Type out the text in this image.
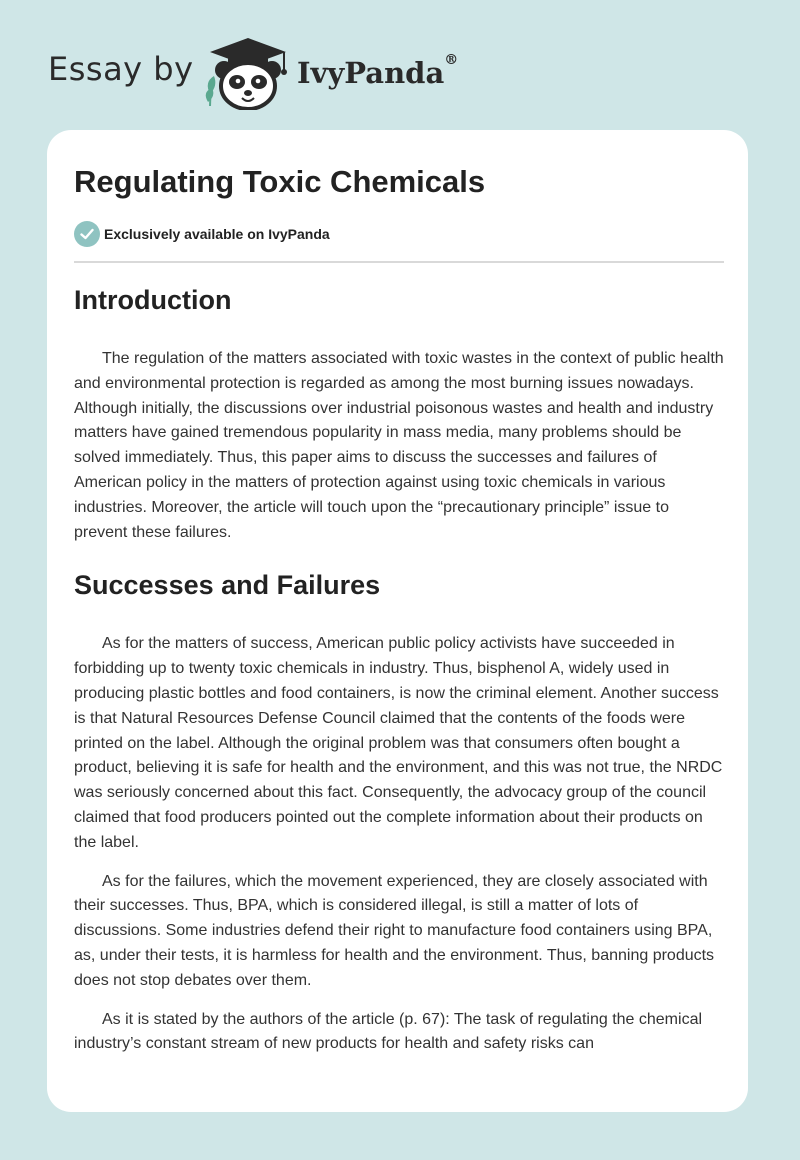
Essay by	IvyPanda®
Regulating Toxic Chemicals
Exclusively available on IvyPanda
Introduction

The regulation of the matters associated with toxic wastes in the context of public health and environmental protection is regarded as among the most burning issues nowadays. Although initially, the discussions over industrial poisonous wastes and health and industry matters have gained tremendous popularity in mass media, many problems should be solved immediately. Thus, this paper aims to discuss the successes and failures of American policy in the matters of protection against using toxic chemicals in various industries. Moreover, the article will touch upon the “precautionary principle” issue to prevent these failures.

Successes and Failures

As for the matters of success, American public policy activists have succeeded in forbidding up to twenty toxic chemicals in industry. Thus, bisphenol A, widely used in producing plastic bottles and food containers, is now the criminal element. Another success is that Natural Resources Defense Council claimed that the contents of the foods were printed on the label. Although the original problem was that consumers often bought a product, believing it is safe for health and the environment, and this was not true, the NRDC was seriously concerned about this fact. Consequently, the advocacy group of the council claimed that food producers pointed out the complete information about their products on the label.

As for the failures, which the movement experienced, they are closely associated with their successes. Thus, BPA, which is considered illegal, is still a matter of lots of discussions. Some industries defend their right to manufacture food containers using BPA, as, under their tests, it is harmless for health and the environment. Thus, banning products does not stop debates over them.

As it is stated by the authors of the article (p. 67): The task of regulating the chemical industry’s constant stream of new products for health and safety risks can
